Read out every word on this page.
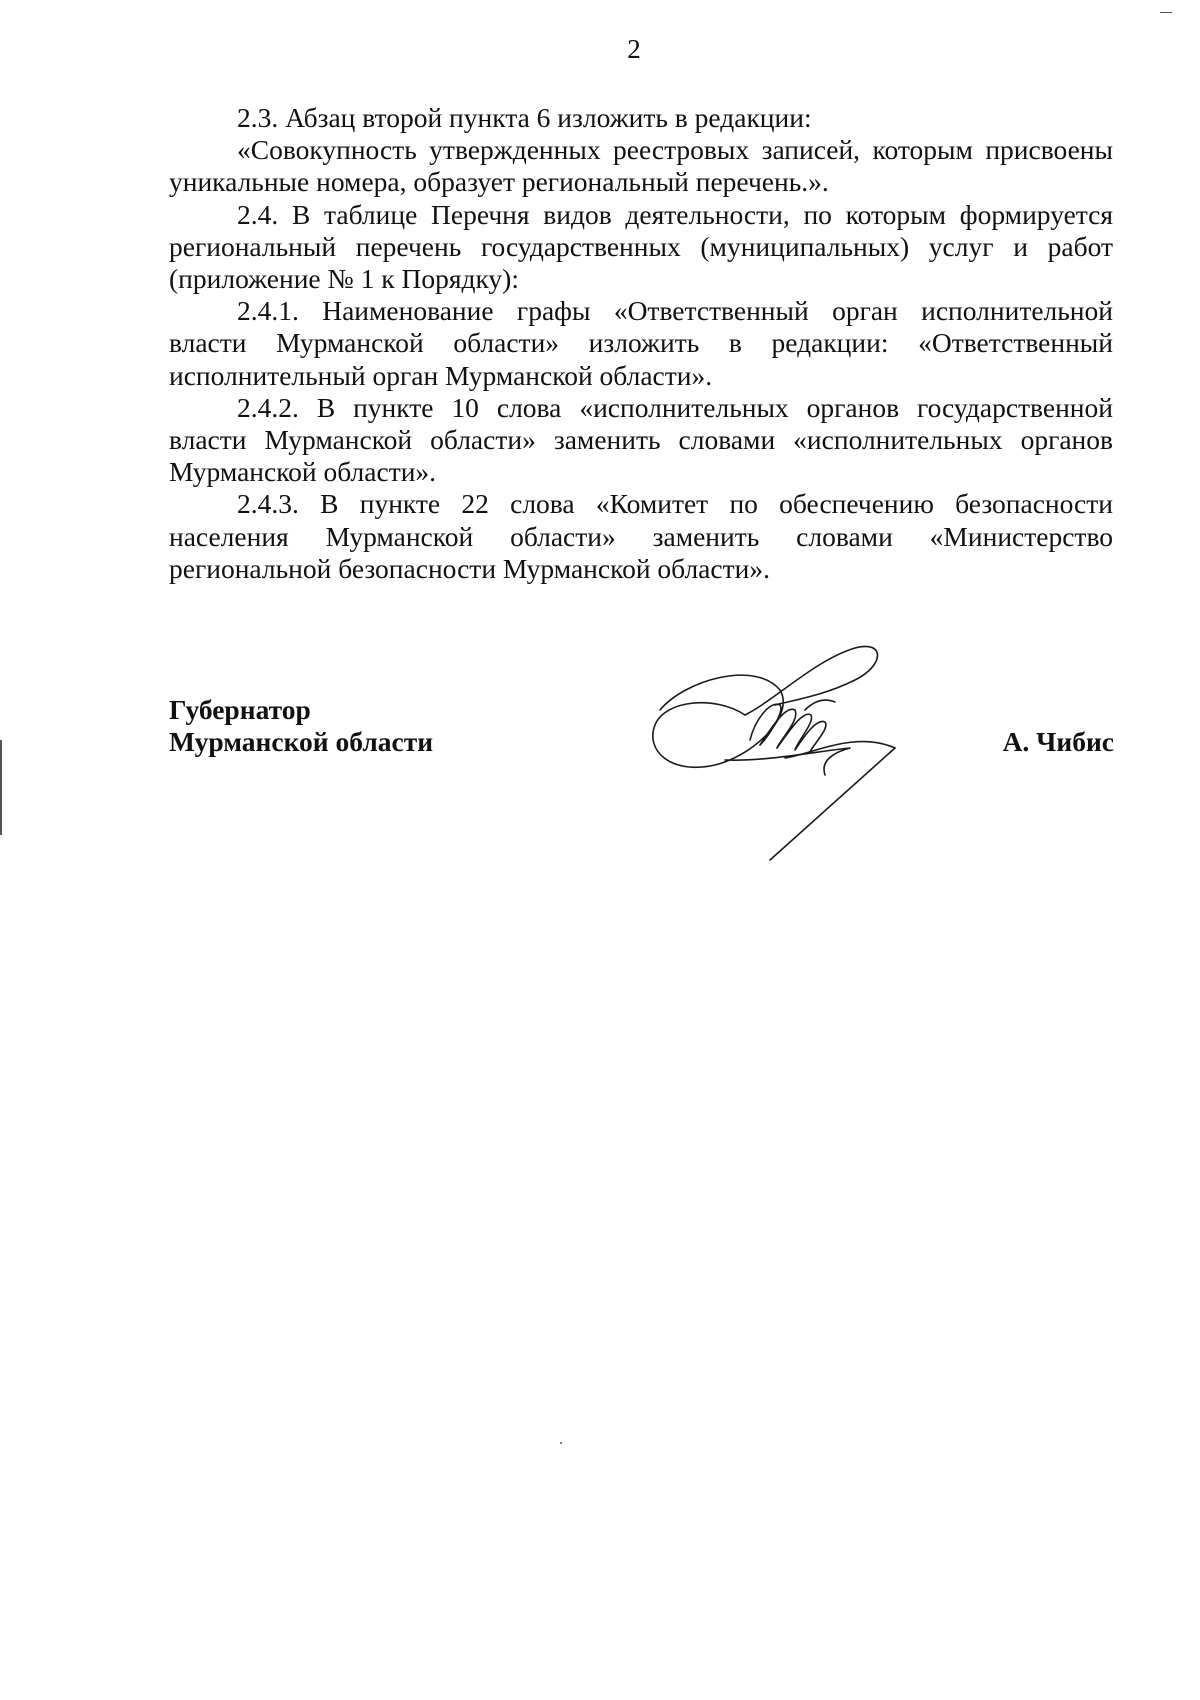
2

2.3. Абзац второй пункта 6 изложить в редакции:

«Совокупность утвержденных реестровых записей, которым присвоены уникальные номера, образует региональный перечень.».

2.4. В таблице Перечня видов деятельности, по которым формируется региональный перечень государственных (муниципальных) услуг и работ (приложение № 1 к Порядку):

2.4.1. Наименование графы «Ответственный орган исполнительной власти Мурманской области» изложить в редакции: «Ответственный исполнительный орган Мурманской области».

2.4.2. В пункте 10 слова «исполнительных органов государственной власти Мурманской области» заменить словами «исполнительных органов Мурманской области».

2.4.3. В пункте 22 слова «Комитет по обеспечению безопасности населения Мурманской области» заменить словами «Министерство региональной безопасности Мурманской области».

Губернатор
Мурманской области	А. Чибис
